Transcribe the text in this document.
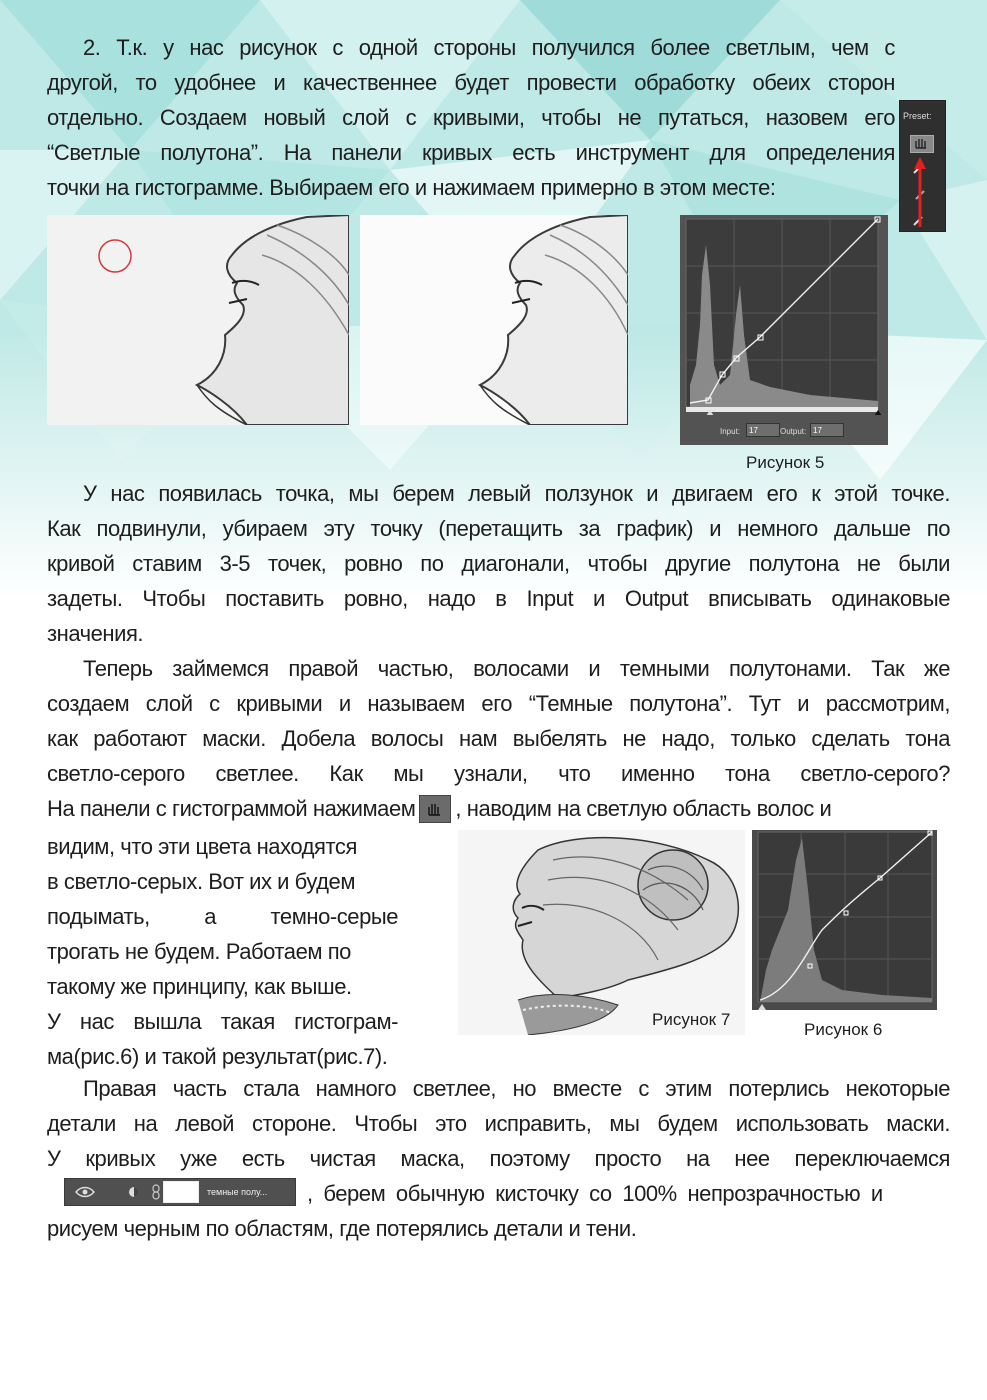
2. Т.к. у нас рисунок с одной стороны получился более светлым, чем с
другой, то удобнее и качественнее будет провести обработку обеих сторон
отдельно. Создаем новый слой с кривыми, чтобы не путаться, назовем его
“Светлые полутона”. На панели кривых есть инструмент для определения
точки на гистограмме. Выбираем его и нажимаем примерно в этом месте:
Preset:
Input:
17	Output:
17
Рисунок 5
У нас появилась точка, мы берем левый ползунок и двигаем его к этой точке.
Как подвинули, убираем эту точку (перетащить за график) и немного дальше по
кривой ставим 3-5 точек, ровно по диагонали, чтобы другие полутона не были
задеты. Чтобы поставить ровно, надо в Input и Output вписывать одинаковые
значения.
Теперь займемся правой частью, волосами и темными полутонами. Так же
создаем слой с кривыми и называем его “Темные полутона”. Тут и рассмотрим,
как работают маски. Добела волосы нам выбелять не надо, только сделать тона
светло-серого светлее. Как мы узнали, что именно тона светло-серого?
На панели с гистограммой нажимаем , наводим на светлую область волос и
видим, что эти цвета находятся
в светло-серых. Вот их и будем
подымать, а темно-серые
трогать не будем. Работаем по
такому же принципу, как выше.
У нас вышла такая гистограм-
ма(рис.6) и такой результат(рис.7).
Рисунок 7
Рисунок 6
Правая часть стала намного светлее, но вместе с этим потерлись некоторые
детали на левой стороне. Чтобы это исправить, мы будем использовать маски.
У кривых уже есть чистая маска, поэтому просто на нее переключаемся
, берем обычную кисточку со 100% непрозрачностью и
рисуем черным по областям, где потерялись детали и тени.
темные полу...
